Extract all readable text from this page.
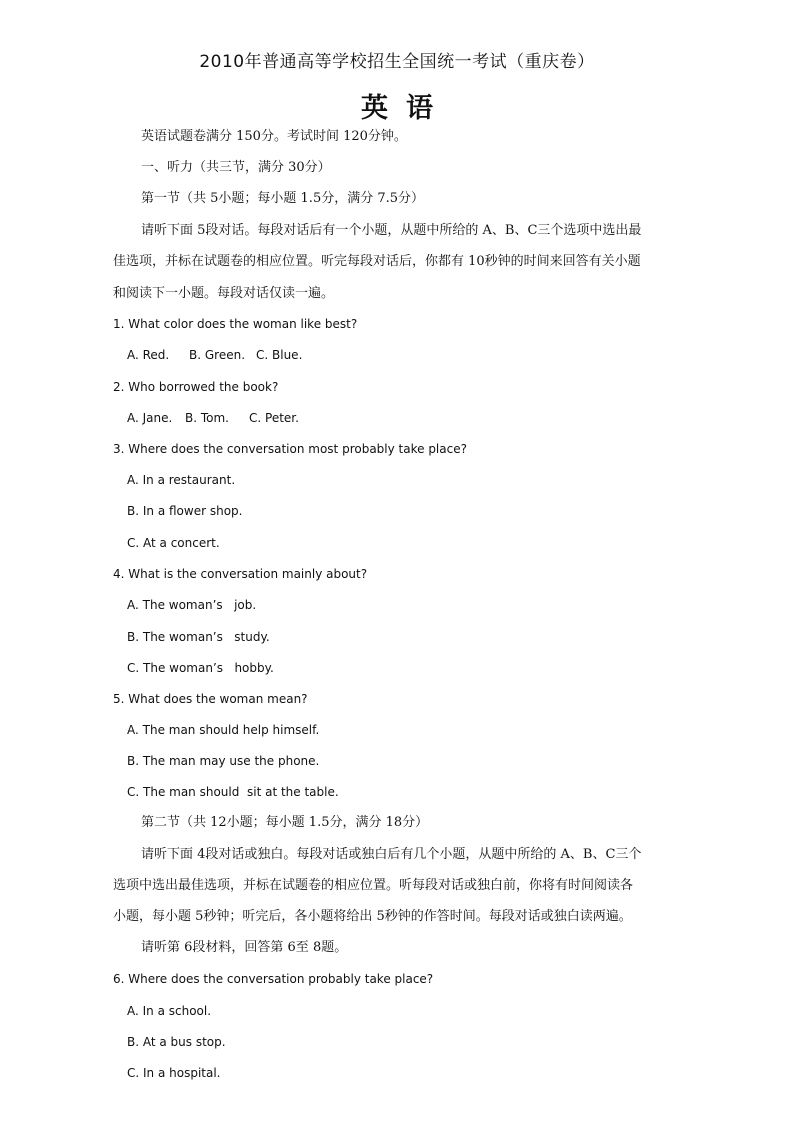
2010年普通高等学校招生全国统一考试（重庆卷）
英 语
英语试题卷满分 150分。考试时间 120分钟。
一、听力（共三节，满分 30分）
第一节（共 5小题；每小题 1.5分，满分 7.5分）
请听下面 5段对话。每段对话后有一个小题，从题中所给的 A、B、C三个选项中选出最
佳选项，并标在试题卷的相应位置。听完每段对话后，你都有 10秒钟的时间来回答有关小题
和阅读下一小题。每段对话仅读一遍。
1. What color does the woman like best?
A. Red. B. Green. C. Blue.
2. Who borrowed the book?
A. Jane. B. Tom. C. Peter.
3. Where does the conversation most probably take place?
A. In a restaurant.
B. In a flower shop.
C. At a concert.
4. What is the conversation mainly about?
A. The woman’s   job.
B. The woman’s   study.
C. The woman’s   hobby.
5. What does the woman mean?
A. The man should help himself.
B. The man may use the phone.
C. The man should  sit at the table.
第二节（共 12小题；每小题 1.5分，满分 18分）
请听下面 4段对话或独白。每段对话或独白后有几个小题，从题中所给的 A、B、C三个
选项中选出最佳选项，并标在试题卷的相应位置。听每段对话或独白前，你将有时间阅读各
小题，每小题 5秒钟；听完后，各小题将给出 5秒钟的作答时间。每段对话或独白读两遍。
请听第 6段材料，回答第 6至 8题。
6. Where does the conversation probably take place?
A. In a school.
B. At a bus stop.
C. In a hospital.
